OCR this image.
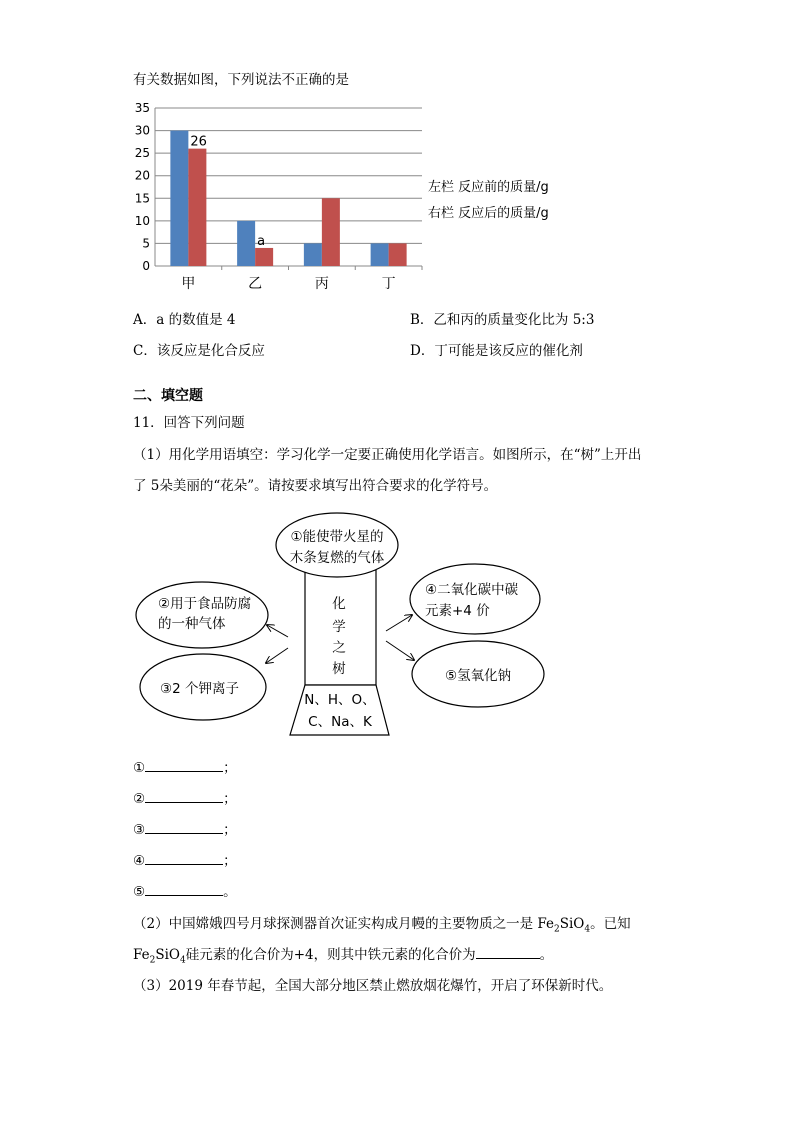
有关数据如图，下列说法不正确的是
0
5
10
15
20
25
30
35
甲	乙	丙	丁
26
a
左栏 反应前的质量/g
右栏 反应后的质量/g
A．a 的数值是 4	B．乙和丙的质量变化比为 5:3
C．该反应是化合反应	D．丁可能是该反应的催化剂
二、填空题
11．回答下列问题
（1）用化学用语填空：学习化学一定要正确使用化学语言。如图所示，在“树”上开出
了 5朵美丽的“花朵”。请按要求填写出符合要求的化学符号。
化
学
之
树
N、H、O、
C、Na、K
①能使带火星的
木条复燃的气体
②用于食品防腐
的一种气体
③2 个钾离子
④二氧化碳中碳
元素+4 价
⑤氢氧化钠
①	；
②	；
③	；
④	；
⑤	。
（2）中国嫦娥四号月球探测器首次证实构成月幔的主要物质之一是 $Fe_2SiO_4$。已知
$Fe_2SiO_4$硅元素的化合价为+4，则其中铁元素的化合价为	。
（3）2019 年春节起，全国大部分地区禁止燃放烟花爆竹，开启了环保新时代。
